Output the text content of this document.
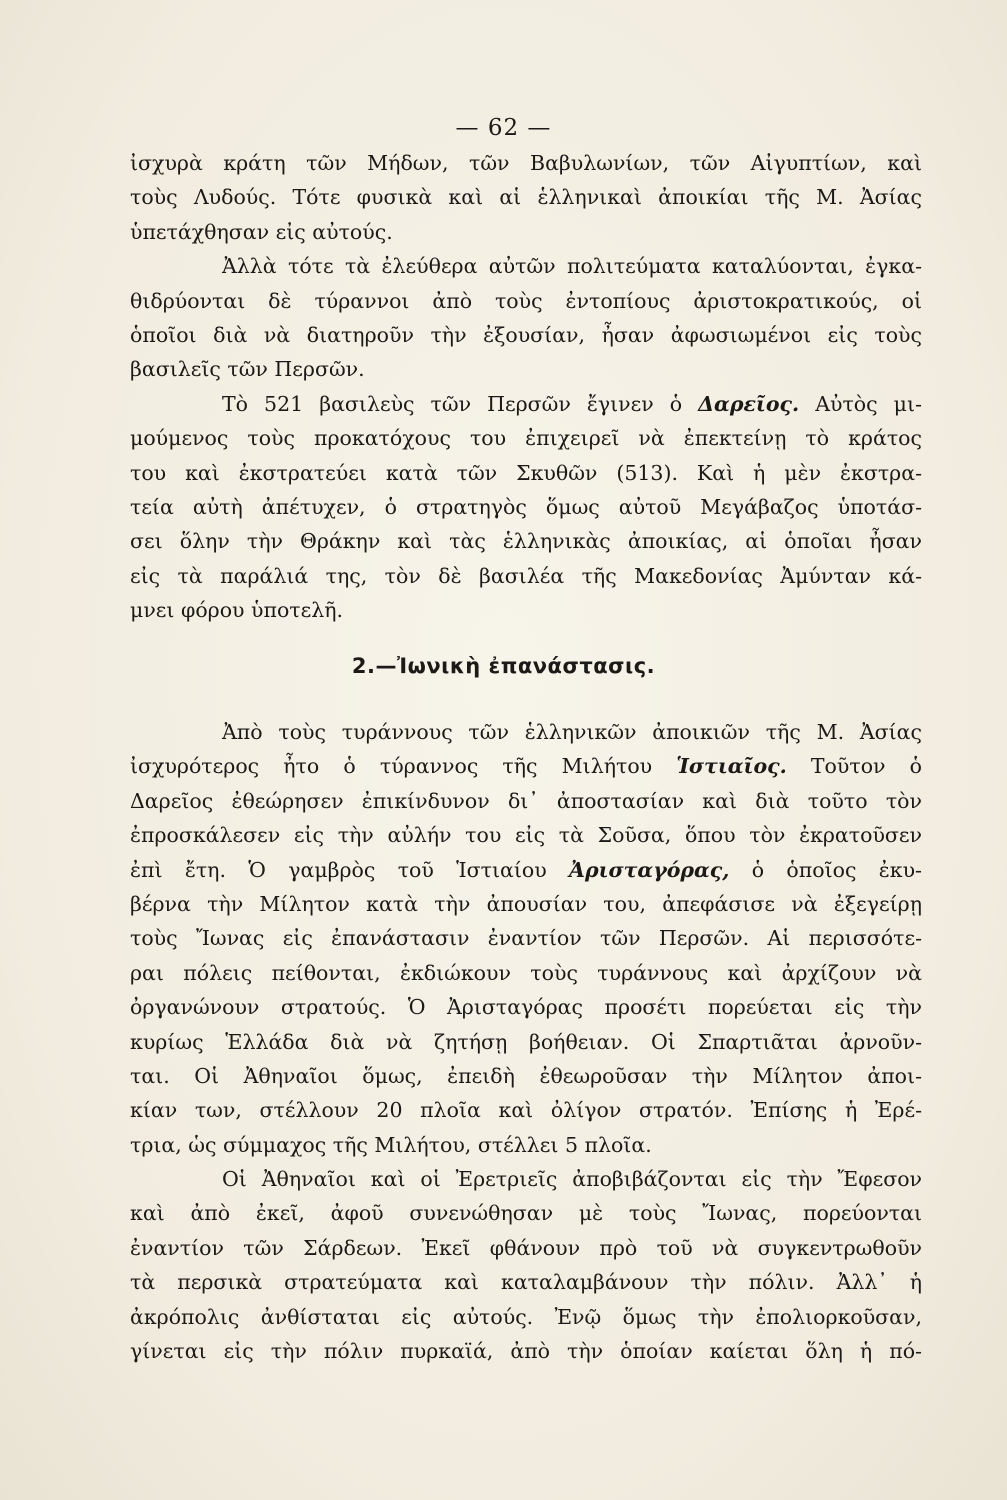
— 62 —
ἰσχυρὰ κράτη τῶν Μήδων, τῶν Βαβυλωνίων, τῶν Αἰγυπτίων, καὶ
τοὺς Λυδούς. Τότε φυσικὰ καὶ αἱ ἑλληνικαὶ ἀποικίαι τῆς Μ. Ἀσίας
ὑπετάχθησαν εἰς αὐτούς.
Ἀλλὰ τότε τὰ ἐλεύθερα αὐτῶν πολιτεύματα καταλύονται, ἐγκα-
θιδρύονται δὲ τύραννοι ἀπὸ τοὺς ἐντοπίους ἀριστοκρατικούς, οἱ
ὁποῖοι διὰ νὰ διατηροῦν τὴν ἐξουσίαν, ἦσαν ἀφωσιωμένοι εἰς τοὺς
βασιλεῖς τῶν Περσῶν.
Τὸ 521 βασιλεὺς τῶν Περσῶν ἔγινεν ὁ Δαρεῖος. Αὐτὸς μι-
μούμενος τοὺς προκατόχους του ἐπιχειρεῖ νὰ ἐπεκτείνῃ τὸ κράτος
του καὶ ἐκστρατεύει κατὰ τῶν Σκυθῶν (513). Καὶ ἡ μὲν ἐκστρα-
τεία αὐτὴ ἀπέτυχεν, ὁ στρατηγὸς ὅμως αὐτοῦ Μεγάβαζος ὑποτάσ-
σει ὅλην τὴν Θράκην καὶ τὰς ἑλληνικὰς ἀποικίας, αἱ ὁποῖαι ἦσαν
εἰς τὰ παράλιά της, τὸν δὲ βασιλέα τῆς Μακεδονίας Ἀμύνταν κά-
μνει φόρου ὑποτελῆ.
2.—Ἰωνικὴ ἐπανάστασις.
Ἀπὸ τοὺς τυράννους τῶν ἑλληνικῶν ἀποικιῶν τῆς Μ. Ἀσίας
ἰσχυρότερος ἦτο ὁ τύραννος τῆς Μιλήτου Ἱστιαῖος. Τοῦτον ὁ
Δαρεῖος ἐθεώρησεν ἐπικίνδυνον δι᾽ ἀποστασίαν καὶ διὰ τοῦτο τὸν
ἐπροσκάλεσεν εἰς τὴν αὐλήν του εἰς τὰ Σοῦσα, ὅπου τὸν ἐκρατοῦσεν
ἐπὶ ἔτη. Ὁ γαμβρὸς τοῦ Ἱστιαίου Ἀρισταγόρας, ὁ ὁποῖος ἐκυ-
βέρνα τὴν Μίλητον κατὰ τὴν ἀπουσίαν του, ἀπεφάσισε νὰ ἐξεγείρῃ
τοὺς Ἴωνας εἰς ἐπανάστασιν ἐναντίον τῶν Περσῶν. Αἱ περισσότε-
ραι πόλεις πείθονται, ἐκδιώκουν τοὺς τυράννους καὶ ἀρχίζουν νὰ
ὀργανώνουν στρατούς. Ὁ Ἀρισταγόρας προσέτι πορεύεται εἰς τὴν
κυρίως Ἑλλάδα διὰ νὰ ζητήσῃ βοήθειαν. Οἱ Σπαρτιᾶται ἀρνοῦν-
ται. Οἱ Ἀθηναῖοι ὅμως, ἐπειδὴ ἐθεωροῦσαν τὴν Μίλητον ἀποι-
κίαν των, στέλλουν 20 πλοῖα καὶ ὀλίγον στρατόν. Ἐπίσης ἡ Ἐρέ-
τρια, ὡς σύμμαχος τῆς Μιλήτου, στέλλει 5 πλοῖα.
Οἱ Ἀθηναῖοι καὶ οἱ Ἐρετριεῖς ἀποβιβάζονται εἰς τὴν Ἔφεσον
καὶ ἀπὸ ἐκεῖ, ἀφοῦ συνενώθησαν μὲ τοὺς Ἴωνας, πορεύονται
ἐναντίον τῶν Σάρδεων. Ἐκεῖ φθάνουν πρὸ τοῦ νὰ συγκεντρωθοῦν
τὰ περσικὰ στρατεύματα καὶ καταλαμβάνουν τὴν πόλιν. Ἀλλ᾽ ἡ
ἀκρόπολις ἀνθίσταται εἰς αὐτούς. Ἐνῷ ὅμως τὴν ἐπολιορκοῦσαν,
γίνεται εἰς τὴν πόλιν πυρκαϊά, ἀπὸ τὴν ὁποίαν καίεται ὅλη ἡ πό-
